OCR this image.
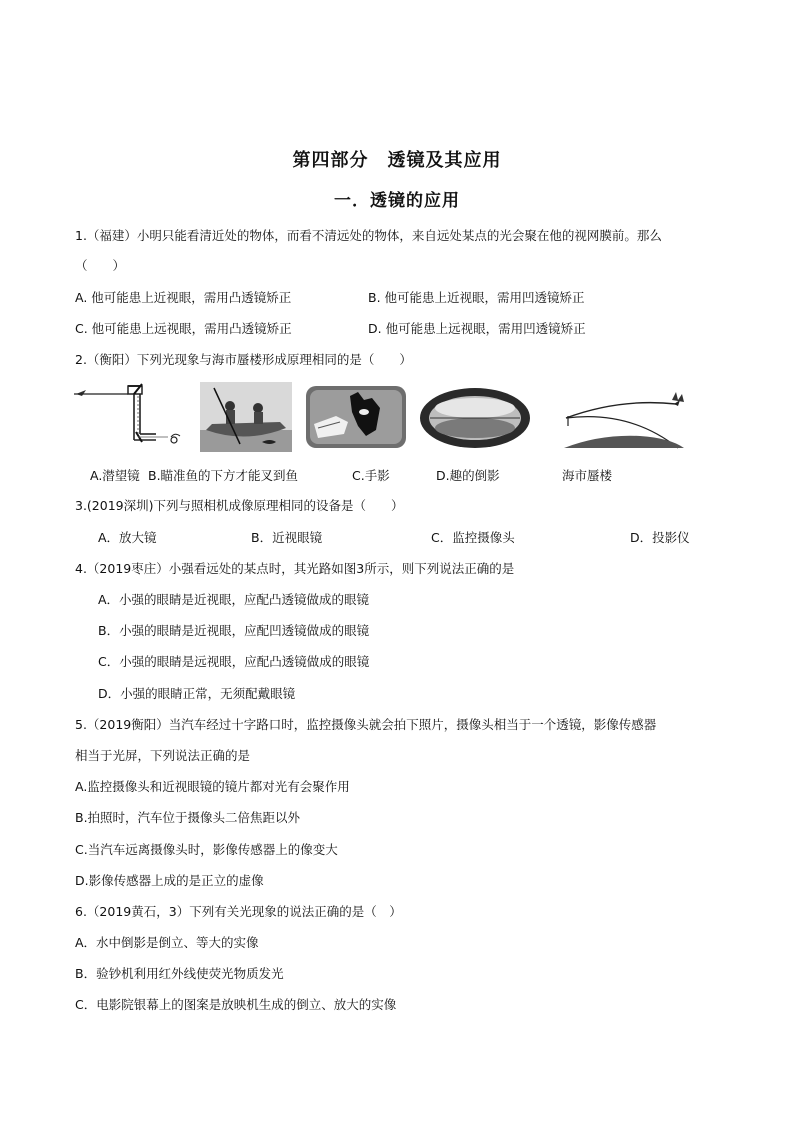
第四部分　透镜及其应用
一．透镜的应用
1.（福建）小明只能看清近处的物体，而看不清远处的物体，来自远处某点的光会聚在他的视网膜前。那么
（　　）
A. 他可能患上近视眼，需用凸透镜矫正	B. 他可能患上近视眼，需用凹透镜矫正
C. 他可能患上远视眼，需用凸透镜矫正	D. 他可能患上远视眼，需用凹透镜矫正
2.（衡阳）下列光现象与海市蜃楼形成原理相同的是（　　）
A.潜望镜 B.瞄准鱼的下方才能叉到鱼	C.手影	D.趣的倒影	海市蜃楼
3.(2019深圳)下列与照相机成像原理相同的设备是（　　）
A．放大镜	B．近视眼镜	C．监控摄像头	D．投影仪
4.（2019枣庄）小强看远处的某点时，其光路如图3所示，则下列说法正确的是
A．小强的眼睛是近视眼，应配凸透镜做成的眼镜
B．小强的眼睛是近视眼，应配凹透镜做成的眼镜
C．小强的眼睛是远视眼，应配凸透镜做成的眼镜
D．小强的眼睛正常，无须配戴眼镜
5.（2019衡阳）当汽车经过十字路口时，监控摄像头就会拍下照片，摄像头相当于一个透镜，影像传感器
相当于光屏，下列说法正确的是
A.监控摄像头和近视眼镜的镜片都对光有会聚作用
B.拍照时，汽车位于摄像头二倍焦距以外
C.当汽车远离摄像头时，影像传感器上的像变大
D.影像传感器上成的是正立的虚像
6.（2019黄石，3）下列有关光现象的说法正确的是（　）
A．水中倒影是倒立、等大的实像
B．验钞机利用红外线使荧光物质发光
C．电影院银幕上的图案是放映机生成的倒立、放大的实像
